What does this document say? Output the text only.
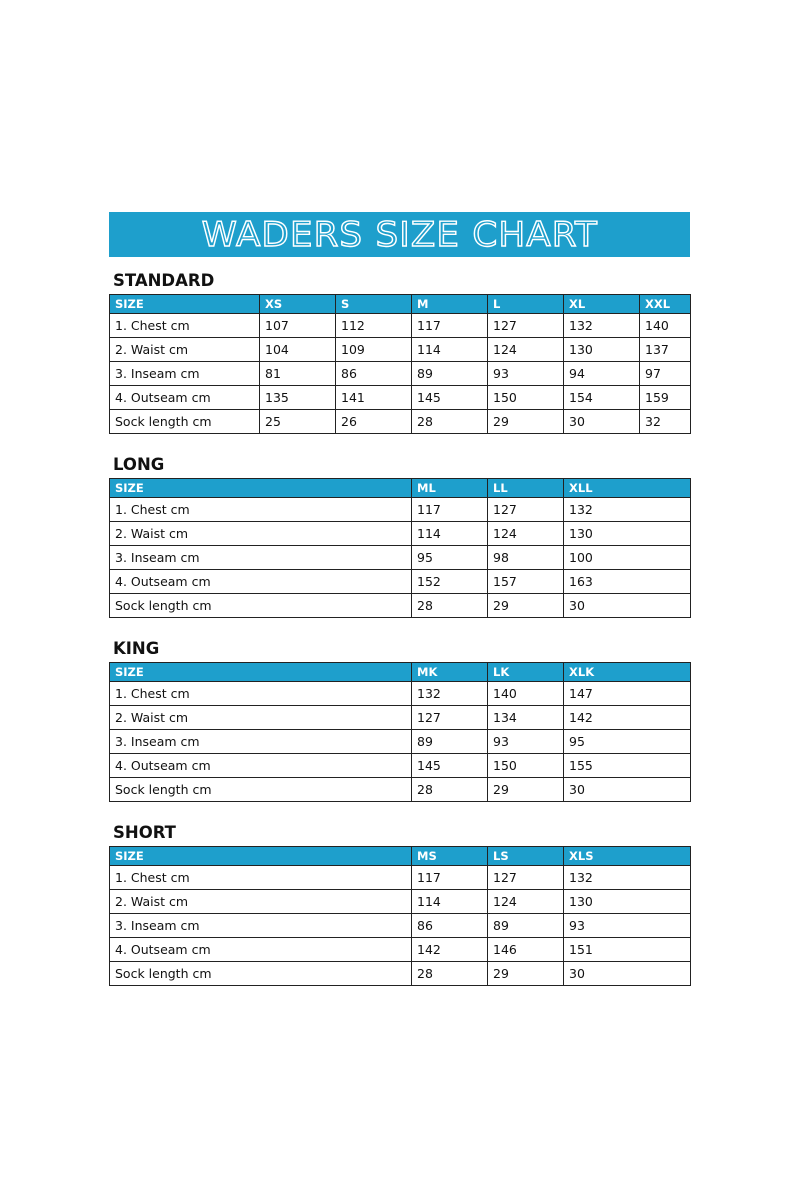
WADERS SIZE CHART
STANDARD
SIZE	XS	S	M	L	XL	XXL
1. Chest cm	107	112	117	127	132	140
2. Waist cm	104	109	114	124	130	137
3. Inseam cm	81	86	89	93	94	97
4. Outseam cm	135	141	145	150	154	159
Sock length cm	25	26	28	29	30	32
LONG
SIZE	ML	LL	XLL
1. Chest cm	117	127	132
2. Waist cm	114	124	130
3. Inseam cm	95	98	100
4. Outseam cm	152	157	163
Sock length cm	28	29	30
KING
SIZE	MK	LK	XLK
1. Chest cm	132	140	147
2. Waist cm	127	134	142
3. Inseam cm	89	93	95
4. Outseam cm	145	150	155
Sock length cm	28	29	30
SHORT
SIZE	MS	LS	XLS
1. Chest cm	117	127	132
2. Waist cm	114	124	130
3. Inseam cm	86	89	93
4. Outseam cm	142	146	151
Sock length cm	28	29	30
